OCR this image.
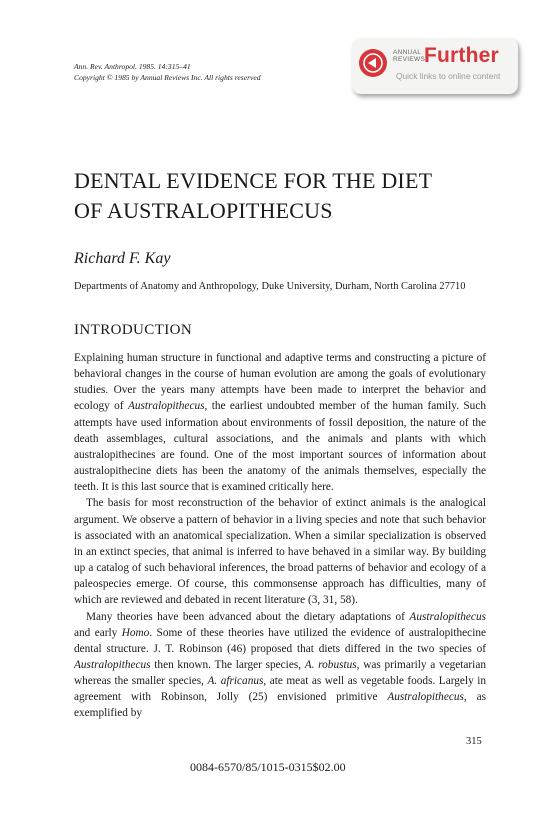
Ann. Rev. Anthropol. 1985. 14:315–41
Copyright © 1985 by Annual Reviews Inc. All rights reserved
ANNUAL
REVIEWS
Further
Quick links to online content
DENTAL EVIDENCE FOR THE DIET
OF AUSTRALOPITHECUS
Richard F. Kay
Departments of Anatomy and Anthropology, Duke University, Durham, North Carolina 27710
INTRODUCTION

Explaining human structure in functional and adaptive terms and constructing a picture of behavioral changes in the course of human evolution are among the goals of evolutionary studies. Over the years many attempts have been made to interpret the behavior and ecology of Australopithecus, the earliest undoubted member of the human family. Such attempts have used information about environments of fossil deposition, the nature of the death assemblages, cultural associations, and the animals and plants with which australopithecines are found. One of the most important sources of information about australopithecine diets has been the anatomy of the animals themselves, especially the teeth. It is this last source that is examined critically here.

The basis for most reconstruction of the behavior of extinct animals is the analogical argument. We observe a pattern of behavior in a living species and note that such behavior is associated with an anatomical specialization. When a similar specialization is observed in an extinct species, that animal is inferred to have behaved in a similar way. By building up a catalog of such behavioral inferences, the broad patterns of behavior and ecology of a paleospecies emerge. Of course, this commonsense approach has difficulties, many of which are reviewed and debated in recent literature (3, 31, 58).

Many theories have been advanced about the dietary adaptations of Australopithecus and early Homo. Some of these theories have utilized the evidence of australopithecine dental structure. J. T. Robinson (46) proposed that diets differed in the two species of Australopithecus then known. The larger species, A. robustus, was primarily a vegetarian whereas the smaller species, A. africanus, ate meat as well as vegetable foods. Largely in agreement with Robinson, Jolly (25) envisioned primitive Australopithecus, as exemplified by

315
0084-6570/85/1015-0315$02.00
